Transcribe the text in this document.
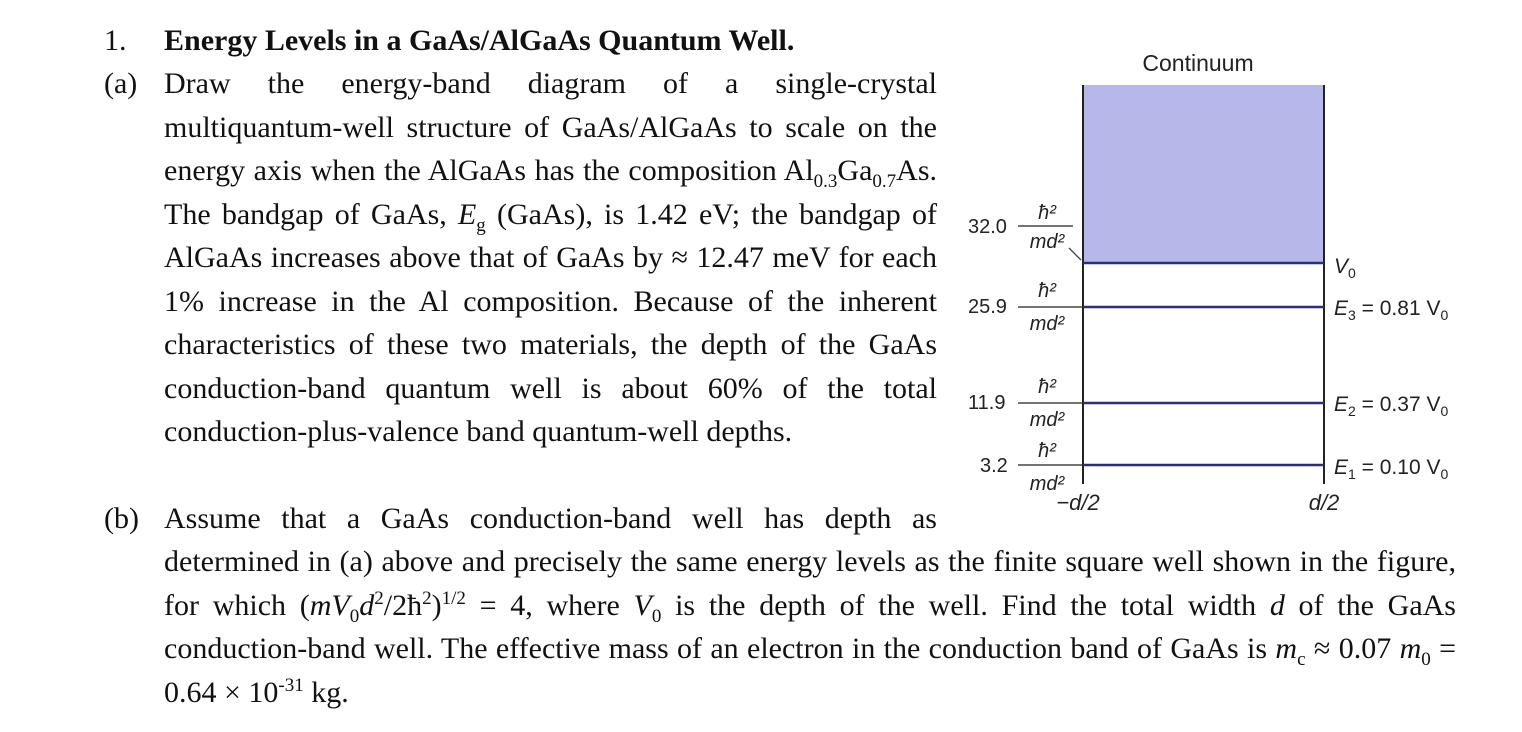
1. Energy Levels in a GaAs/AlGaAs Quantum Well.
(a) Draw the energy-band diagram of a single-crystal multiquantum-well structure of GaAs/AlGaAs to scale on the energy axis when the AlGaAs has the composition $Al_{0.3}Ga_{0.7}As$. The bandgap of GaAs, $E_g$ (GaAs), is 1.42 eV; the bandgap of AlGaAs increases above that of GaAs by ≈ 12.47 meV for each 1% increase in the Al composition. Because of the inherent characteristics of these two materials, the depth of the GaAs conduction-band quantum well is about 60% of the total conduction-plus-valence band quantum-well depths.
(b) Assume that a GaAs conduction-band well has depth as
determined in (a) above and precisely the same energy levels as the finite square well shown in the figure, for which $(mV_0d^2/2ħ^2)^{1/2} = 4$, where $V_0$ is the depth of the well. Find the total width d of the GaAs conduction-band well. The effective mass of an electron in the conduction band of GaAs is $m_c \approx 0.07$ $m_0 = 0.64 \times 10^{-31}$ kg.
Continuum
32.0
ħ²
md²
25.9
ħ²
md²
11.9
ħ²
md²
3.2
ħ²
md²
$V_0$
$E_3 = 0.81$ $V_0$
$E_2 = 0.37$ $V_0$
$E_1 = 0.10$ $V_0$
−d/2	d/2
